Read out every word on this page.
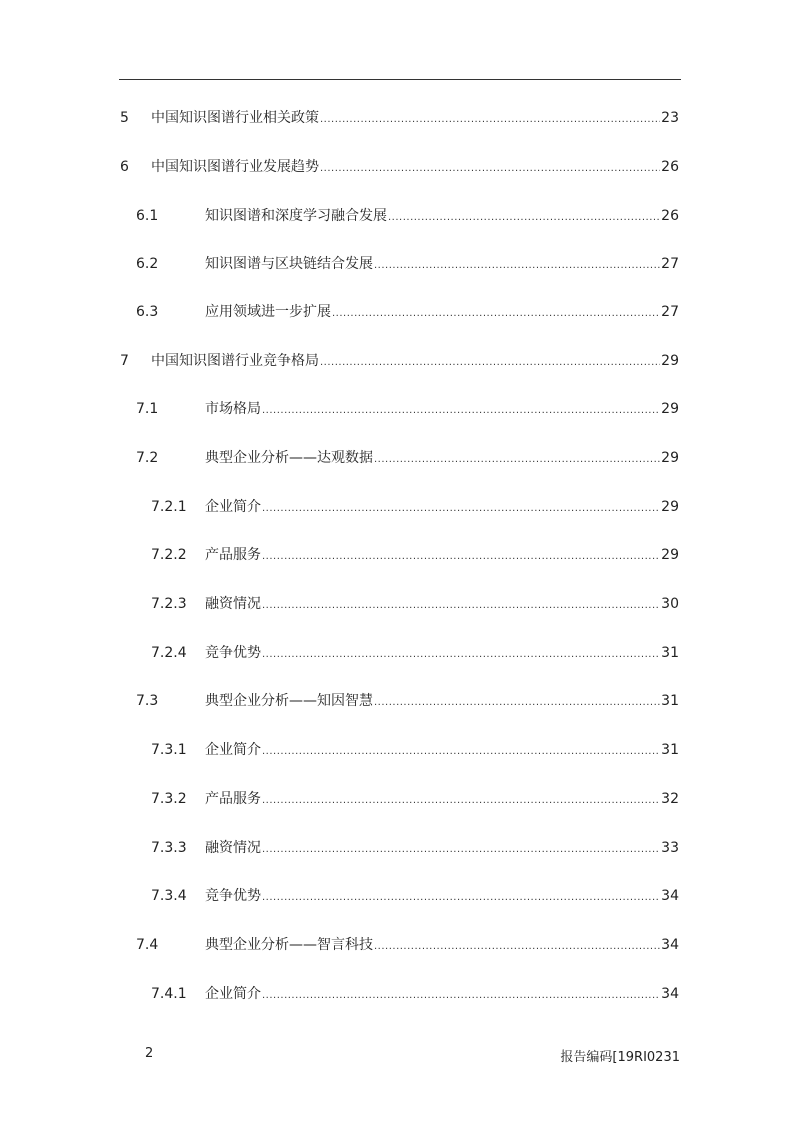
5 中国知识图谱行业相关政策 .....	23
6 中国知识图谱行业发展趋势 .....	26
6.1	知识图谱和深度学习融合发展 .....	26
6.2	知识图谱与区块链结合发展 .....	27
6.3	应用领域进一步扩展 .....	27
7 中国知识图谱行业竞争格局 .....	29
7.1	市场格局 .....	29
7.2	典型企业分析——达观数据 .....	29
7.2.1 企业简介 .....	29
7.2.2 产品服务 .....	29
7.2.3 融资情况 .....	30
7.2.4 竞争优势 .....	31
7.3	典型企业分析——知因智慧 .....	31
7.3.1 企业简介 .....	31
7.3.2 产品服务 .....	32
7.3.3 融资情况 .....	33
7.3.4 竞争优势 .....	34
7.4	典型企业分析——智言科技 .....	34
7.4.1 企业简介 .....	34
2	报告编码[19RI0231
